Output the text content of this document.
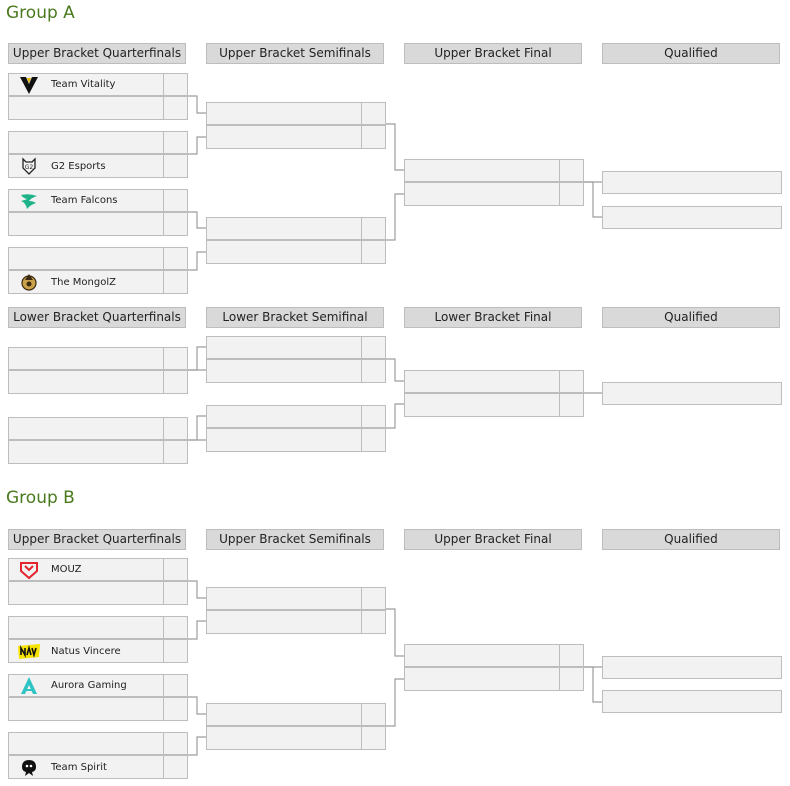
Group A
Upper Bracket Quarterfinals	Upper Bracket Semifinals	Upper Bracket Final	Qualified
Team Vitality
G2 G2 Esports
Team Falcons
The MongolZ
Lower Bracket Quarterfinals	Lower Bracket Semifinal	Lower Bracket Final	Qualified
Group B
Upper Bracket Quarterfinals	Upper Bracket Semifinals	Upper Bracket Final	Qualified
MOUZ
Natus Vincere
Aurora Gaming
Team Spirit
